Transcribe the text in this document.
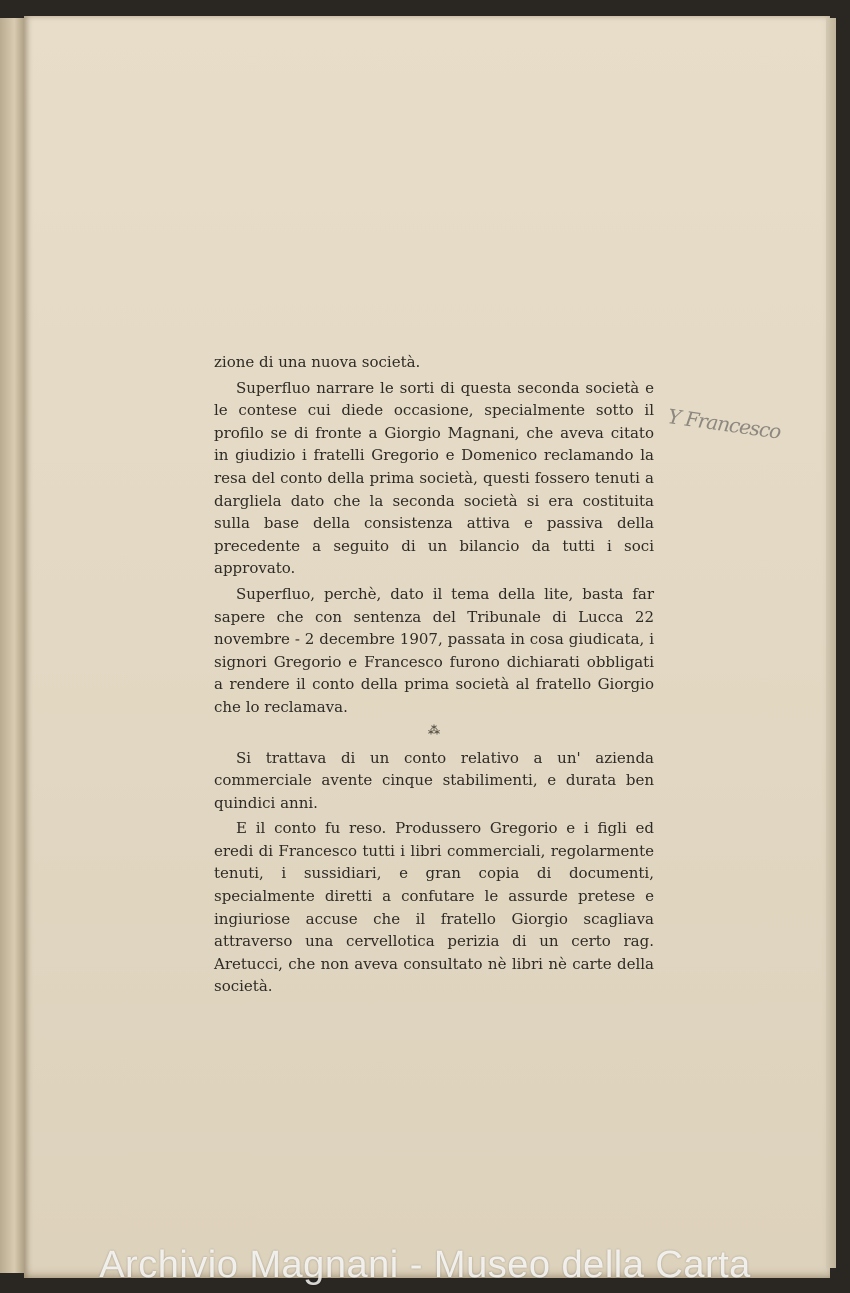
zione di una nuova società.

Superfluo narrare le sorti di questa seconda società e le contese cui diede occasione, specialmente sotto il profilo se di fronte a Giorgio Magnani, che aveva citato in giudizio i fratelli Gregorio e Domenico reclamando la resa del conto della prima società, questi fossero tenuti a dargliela dato che la seconda società si era costituita sulla base della consistenza attiva e passiva della precedente a seguito di un bilancio da tutti i soci approvato.

Superfluo, perchè, dato il tema della lite, basta far sapere che con sentenza del Tribunale di Lucca 22 novembre - 2 decembre 1907, passata in cosa giudicata, i signori Gregorio e Francesco furono dichiarati obbligati a rendere il conto della prima società al fratello Giorgio che lo reclamava.

⁂

Si trattava di un conto relativo a un' azienda commerciale avente cinque stabilimenti, e durata ben quindici anni.

E il conto fu reso. Produssero Gregorio e i figli ed eredi di Francesco tutti i libri commerciali, regolarmente tenuti, i sussidiari, e gran copia di documenti, specialmente diretti a confutare le assurde pretese e ingiuriose accuse che il fratello Giorgio scagliava attraverso una cervellotica perizia di un certo rag. Aretucci, che non aveva consultato nè libri nè carte della società.

Y Francesco
Archivio Magnani - Museo della Carta
